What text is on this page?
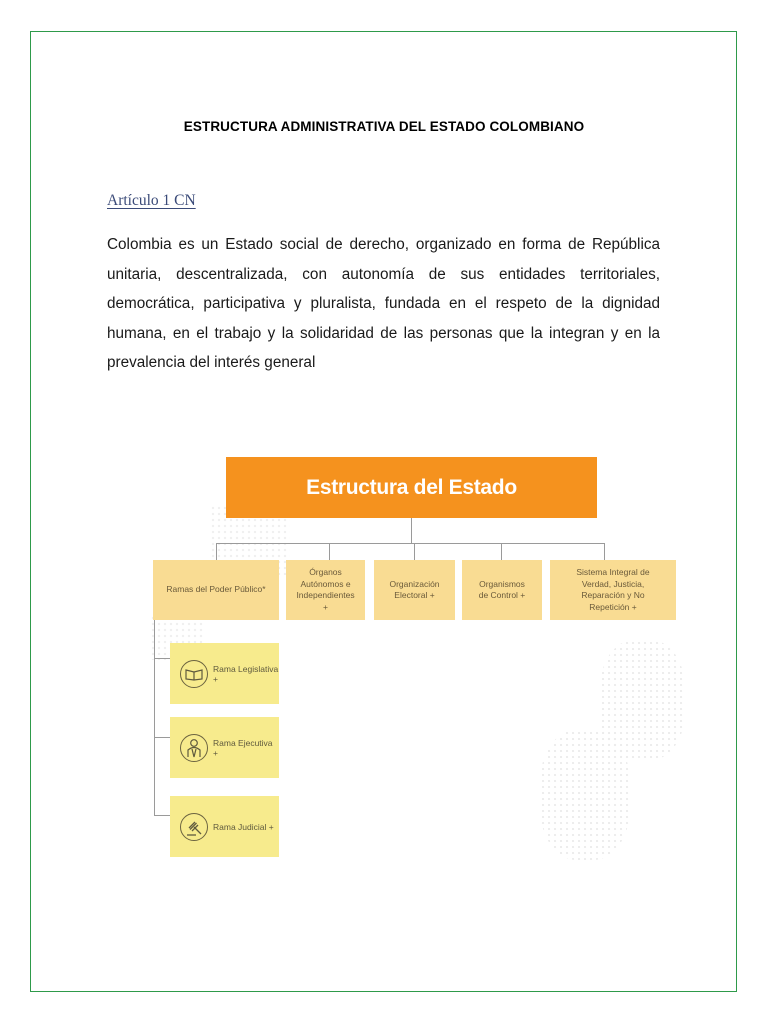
ESTRUCTURA ADMINISTRATIVA DEL ESTADO COLOMBIANO
Artículo 1 CN
Colombia es un Estado social de derecho, organizado en forma de República unitaria, descentralizada, con autonomía de sus entidades territoriales, democrática, participativa y pluralista, fundada en el respeto de la dignidad humana, en el trabajo y la solidaridad de las personas que la integran y en la prevalencia del interés general
Estructura del Estado
Ramas del Poder Público*
Órganos Autónomos e Independientes +
Organización Electoral +
Organismos de Control +
Sistema Integral de Verdad, Justicia, Reparación y No Repetición +
Rama Legislativa +
Rama Ejecutiva +
Rama Judicial +
